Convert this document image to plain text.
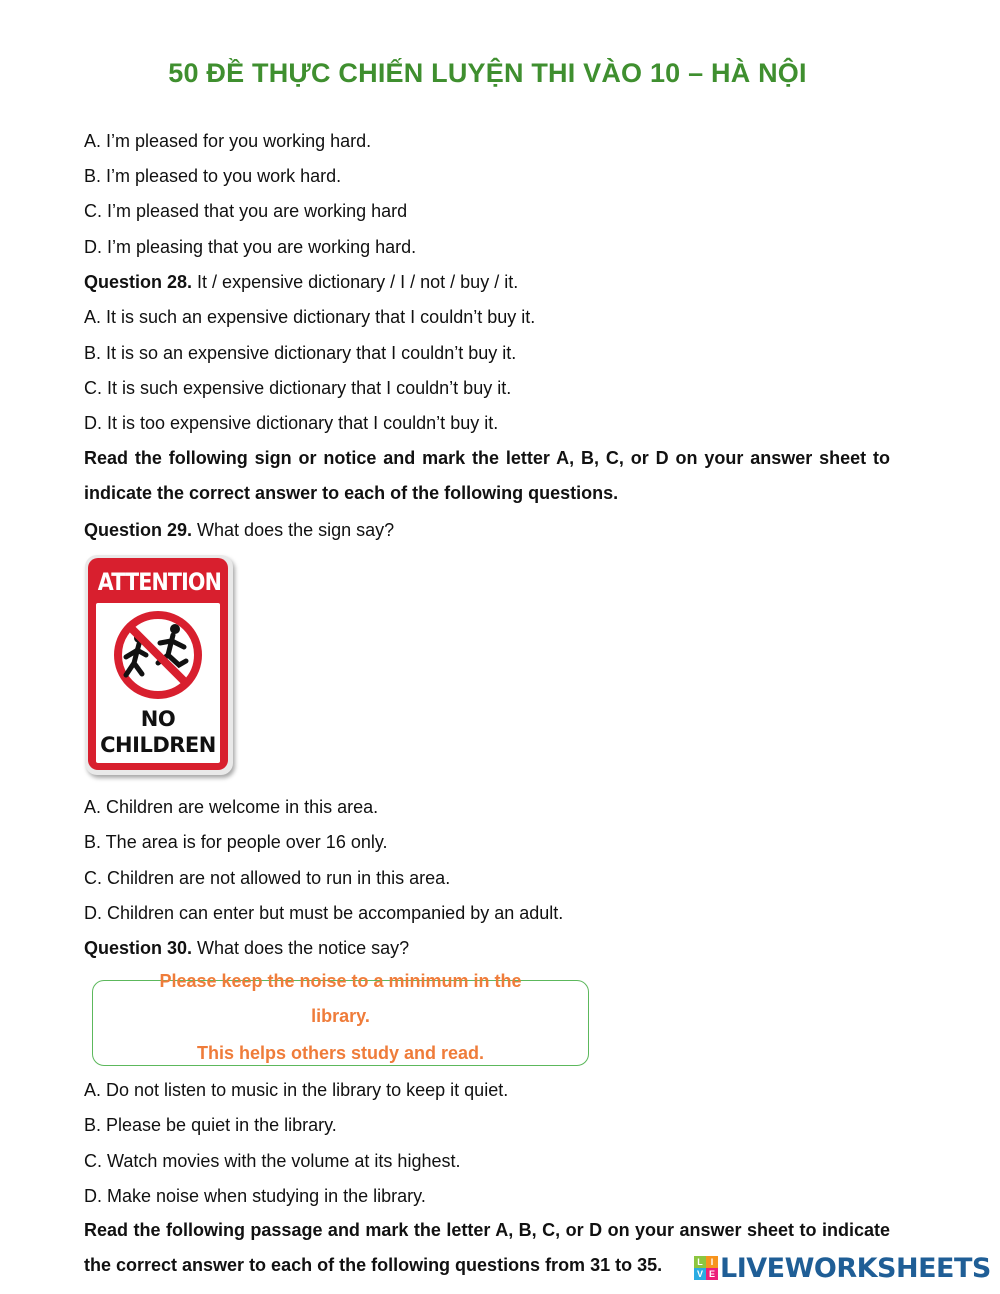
50 ĐỀ THỰC CHIẾN LUYỆN THI VÀO 10 – HÀ NỘI
A. I’m pleased for you working hard.
B. I’m pleased to you work hard.
C. I’m pleased that you are working hard
D. I’m pleasing that you are working hard.
Question 28. It / expensive dictionary / I / not / buy / it.
A. It is such an expensive dictionary that I couldn’t buy it.
B. It is so an expensive dictionary that I couldn’t buy it.
C. It is such expensive dictionary that I couldn’t buy it.
D. It is too expensive dictionary that I couldn’t buy it.
Read the following sign or notice and mark the letter A, B, C, or D on your answer sheet to indicate the correct answer to each of the following questions.
Question 29. What does the sign say?
ATTENTION
NO
CHILDREN
A. Children are welcome in this area.
B. The area is for people over 16 only.
C. Children are not allowed to run in this area.
D. Children can enter but must be accompanied by an adult.
Question 30. What does the notice say?
Please keep the noise to a minimum in the
library.
This helps others study and read.
A. Do not listen to music in the library to keep it quiet.
B. Please be quiet in the library.
C. Watch movies with the volume at its highest.
D. Make noise when studying in the library.
Read the following passage and mark the letter A, B, C, or D on your answer sheet to indicate the correct answer to each of the following questions from 31 to 35.	L I
V E LIVEWORKSHEETS
